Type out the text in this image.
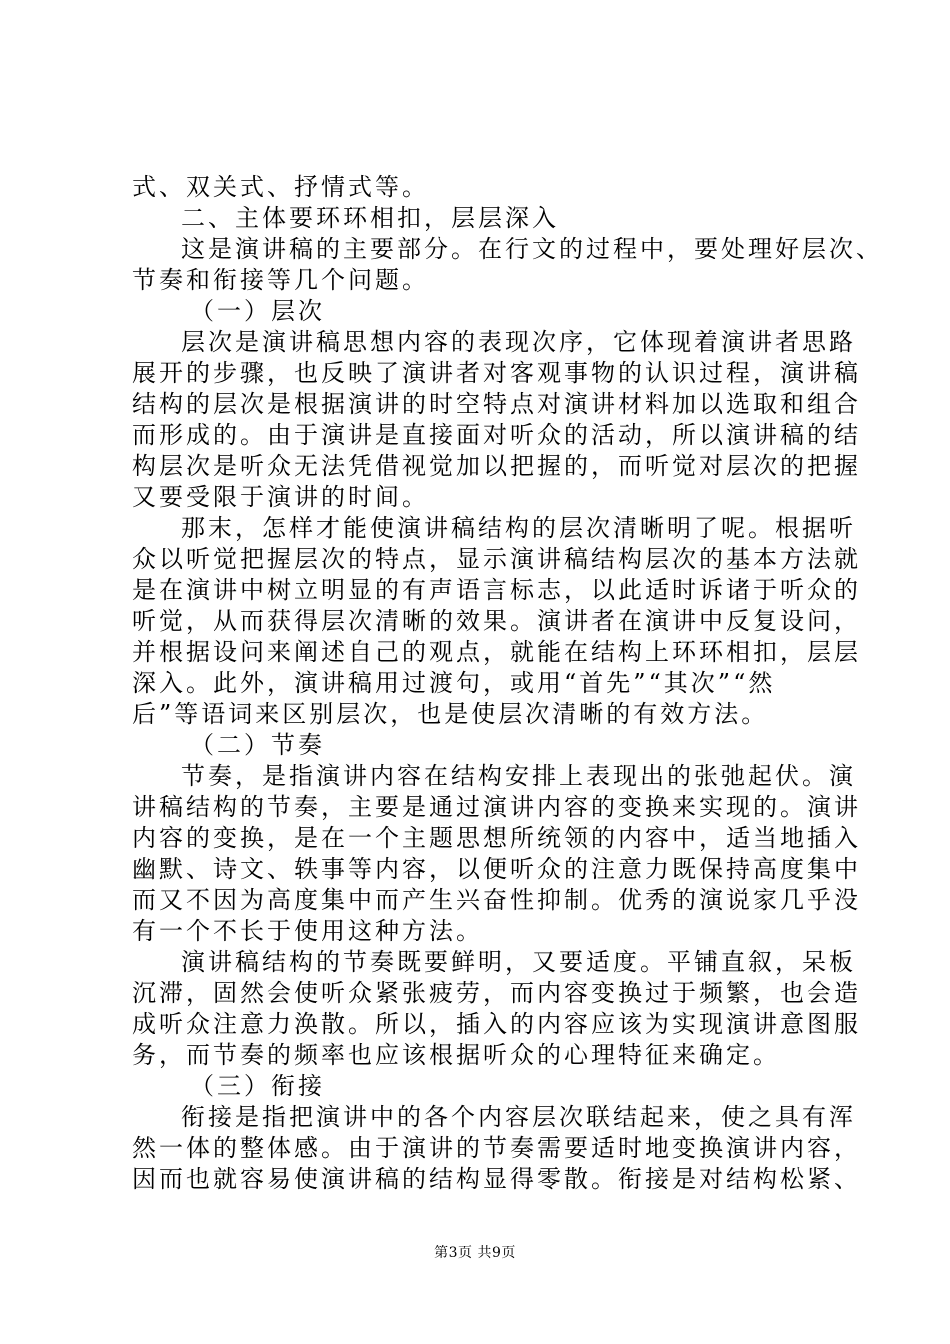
式、双关式、抒情式等。
二、主体要环环相扣，层层深入
这是演讲稿的主要部分。在行文的过程中，要处理好层次、
节奏和衔接等几个问题。
（一）层次
层次是演讲稿思想内容的表现次序，它体现着演讲者思路
展开的步骤，也反映了演讲者对客观事物的认识过程，演讲稿
结构的层次是根据演讲的时空特点对演讲材料加以选取和组合
而形成的。由于演讲是直接面对听众的活动，所以演讲稿的结
构层次是听众无法凭借视觉加以把握的，而听觉对层次的把握
又要受限于演讲的时间。
那末，怎样才能使演讲稿结构的层次清晰明了呢。根据听
众以听觉把握层次的特点，显示演讲稿结构层次的基本方法就
是在演讲中树立明显的有声语言标志，以此适时诉诸于听众的
听觉，从而获得层次清晰的效果。演讲者在演讲中反复设问，
并根据设问来阐述自己的观点，就能在结构上环环相扣，层层
深入。此外，演讲稿用过渡句，或用“首先”“其次”“然
后”等语词来区别层次，也是使层次清晰的有效方法。
（二）节奏
节奏，是指演讲内容在结构安排上表现出的张弛起伏。演
讲稿结构的节奏，主要是通过演讲内容的变换来实现的。演讲
内容的变换，是在一个主题思想所统领的内容中，适当地插入
幽默、诗文、轶事等内容，以便听众的注意力既保持高度集中
而又不因为高度集中而产生兴奋性抑制。优秀的演说家几乎没
有一个不长于使用这种方法。
演讲稿结构的节奏既要鲜明，又要适度。平铺直叙，呆板
沉滞，固然会使听众紧张疲劳，而内容变换过于频繁，也会造
成听众注意力涣散。所以，插入的内容应该为实现演讲意图服
务，而节奏的频率也应该根据听众的心理特征来确定。
（三）衔接
衔接是指把演讲中的各个内容层次联结起来，使之具有浑
然一体的整体感。由于演讲的节奏需要适时地变换演讲内容，
因而也就容易使演讲稿的结构显得零散。衔接是对结构松紧、
第3页 共9页
